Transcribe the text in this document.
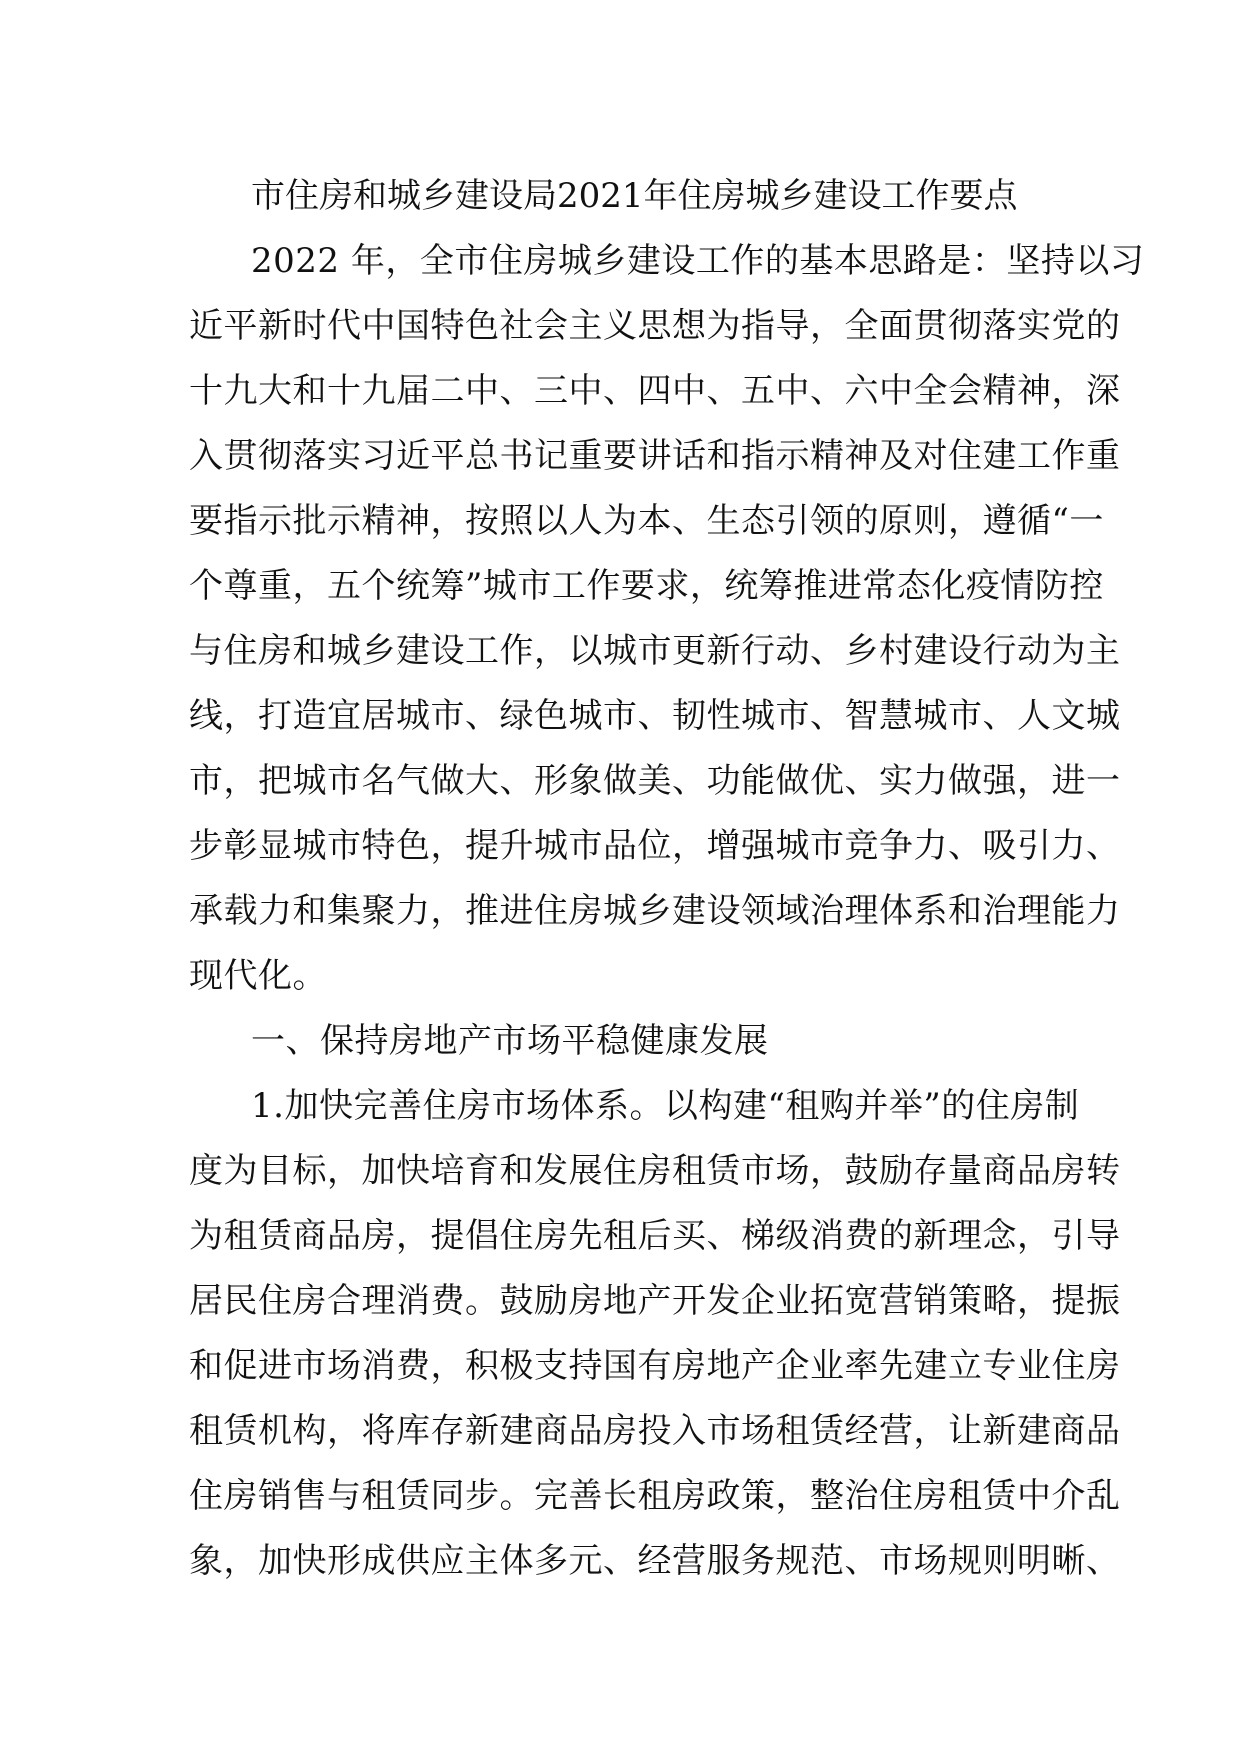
市住房和城乡建设局2021年住房城乡建设工作要点
2022 年，全市住房城乡建设工作的基本思路是：坚持以习
近平新时代中国特色社会主义思想为指导，全面贯彻落实党的
十九大和十九届二中、三中、四中、五中、六中全会精神，深
入贯彻落实习近平总书记重要讲话和指示精神及对住建工作重
要指示批示精神，按照以人为本、生态引领的原则，遵循“一
个尊重，五个统筹”城市工作要求，统筹推进常态化疫情防控
与住房和城乡建设工作，以城市更新行动、乡村建设行动为主
线，打造宜居城市、绿色城市、韧性城市、智慧城市、人文城
市，把城市名气做大、形象做美、功能做优、实力做强，进一
步彰显城市特色，提升城市品位，增强城市竞争力、吸引力、
承载力和集聚力，推进住房城乡建设领域治理体系和治理能力
现代化。
一、保持房地产市场平稳健康发展
1.加快完善住房市场体系。以构建“租购并举”的住房制
度为目标，加快培育和发展住房租赁市场，鼓励存量商品房转
为租赁商品房，提倡住房先租后买、梯级消费的新理念，引导
居民住房合理消费。鼓励房地产开发企业拓宽营销策略，提振
和促进市场消费，积极支持国有房地产企业率先建立专业住房
租赁机构，将库存新建商品房投入市场租赁经营，让新建商品
住房销售与租赁同步。完善长租房政策，整治住房租赁中介乱
象，加快形成供应主体多元、经营服务规范、市场规则明晰、
